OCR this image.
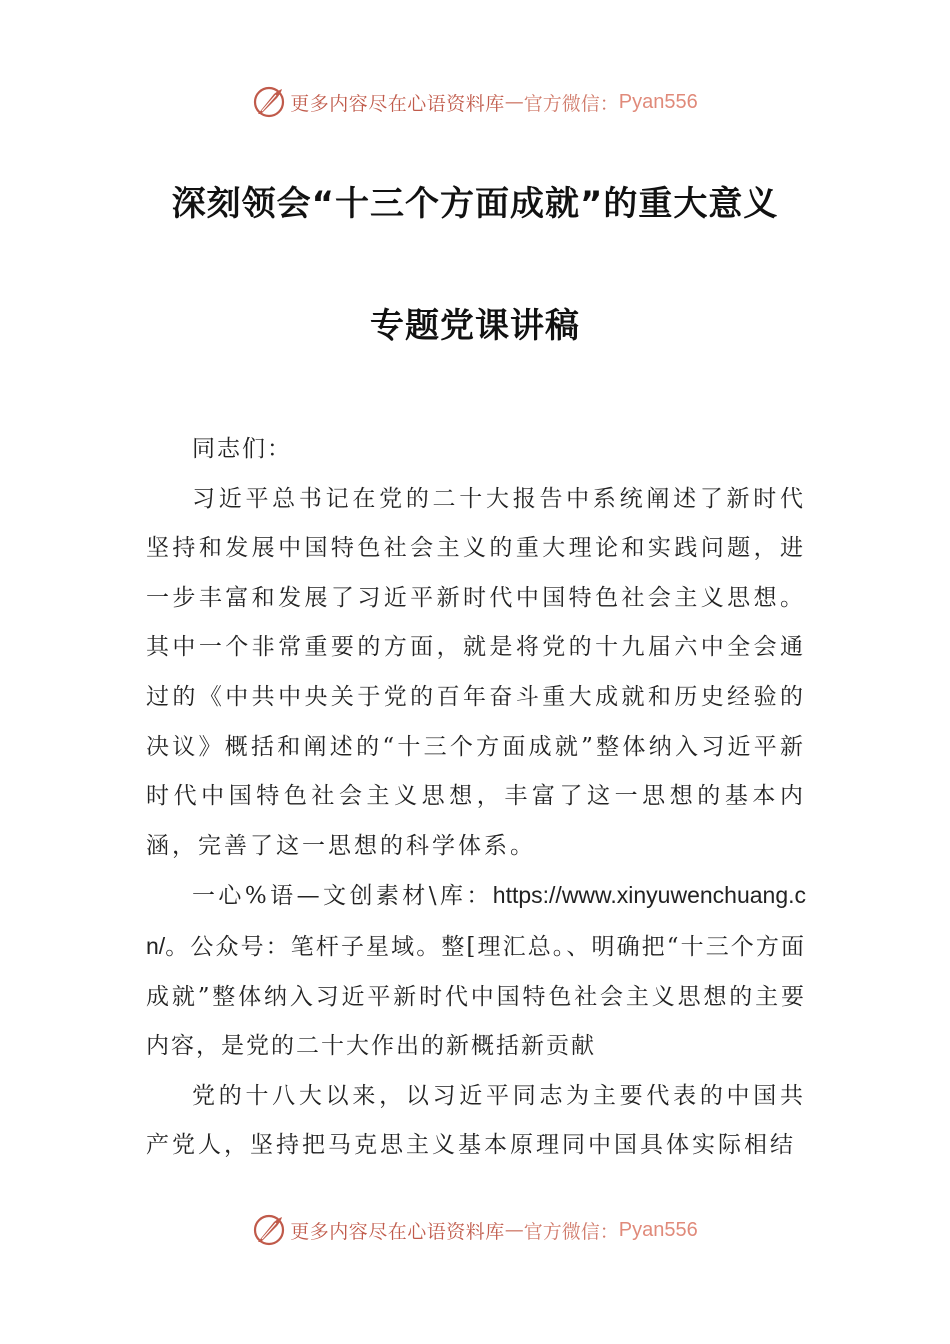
更多内容尽在心语资料库 — 官方微信： Pyan556
深刻领会“十三个方面成就”的重大意义
专题党课讲稿

同志们：

习近平总书记在党的二十大报告中系统阐述了新时代坚持和发展中国特色社会主义的重大理论和实践问题，进一步丰富和发展了习近平新时代中国特色社会主义思想。其中一个非常重要的方面，就是将党的十九届六中全会通过的《中共中央关于党的百年奋斗重大成就和历史经验的决议》概括和阐述的“十三个方面成就”整体纳入习近平新时代中国特色社会主义思想，丰富了这一思想的基本内涵，完善了这一思想的科学体系。

一心%语—文创素材\库：https://www.xinyuwenchuang.cn/。公众号：笔杆子星域。整[理汇总。、明确把“十三个方面成就”整体纳入习近平新时代中国特色社会主义思想的主要内容，是党的二十大作出的新概括新贡献

党的十八大以来，以习近平同志为主要代表的中国共产党人，坚持把马克思主义基本原理同中国具体实际相结

更多内容尽在心语资料库 — 官方微信： Pyan556
